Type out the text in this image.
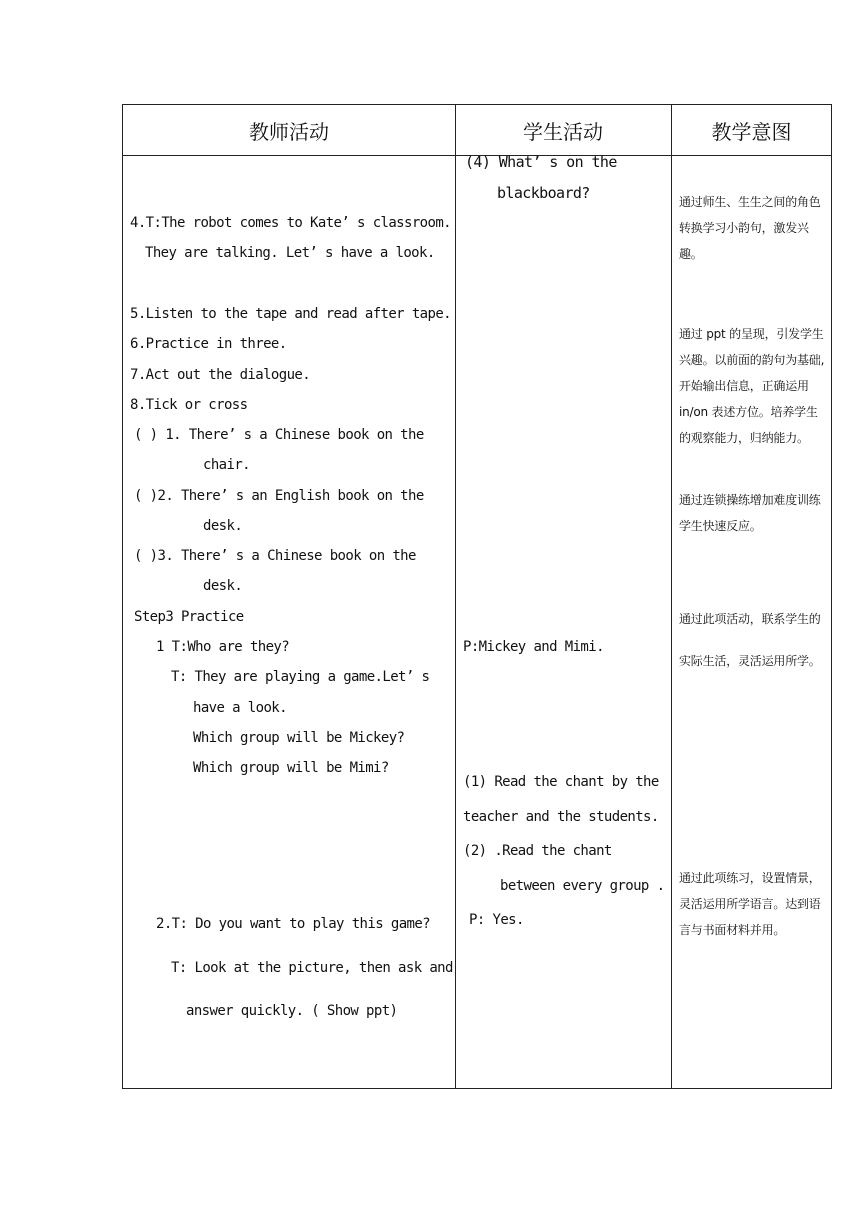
教师活动	学生活动	教学意图
4.T:The robot comes to Kate’ s classroom.
They are talking. Let’ s have a look.
5.Listen to the tape and read after tape.
6.Practice in three.
7.Act out the dialogue.
8.Tick or cross
( ) 1. There’ s a Chinese book on the
chair.
( )2. There’ s an English book on the
desk.
( )3. There’ s a Chinese book on the
desk.
Step3 Practice
1 T:Who are they?
T: They are playing a game.Let’ s
have a look.
Which group will be Mickey?
Which group will be Mimi?
2.T: Do you want to play this game?
T: Look at the picture, then ask and
answer quickly. ( Show ppt)
(4) What’ s on the
blackboard?
P:Mickey and Mimi.
(1) Read the chant by the
teacher and the students.
(2) .Read the chant
between every group .
P: Yes.
通过师生、生生之间的角色转换学习小韵句，激发兴趣。
通过 ppt 的呈现，引发学生兴趣。以前面的韵句为基础,开始输出信息，正确运用 in/on 表述方位。培养学生的观察能力，归纳能力。
通过连锁操练增加难度训练学生快速反应。
通过此项活动，联系学生的实际生活，灵活运用所学。
通过此项练习，设置情景，灵活运用所学语言。达到语言与书面材料并用。
